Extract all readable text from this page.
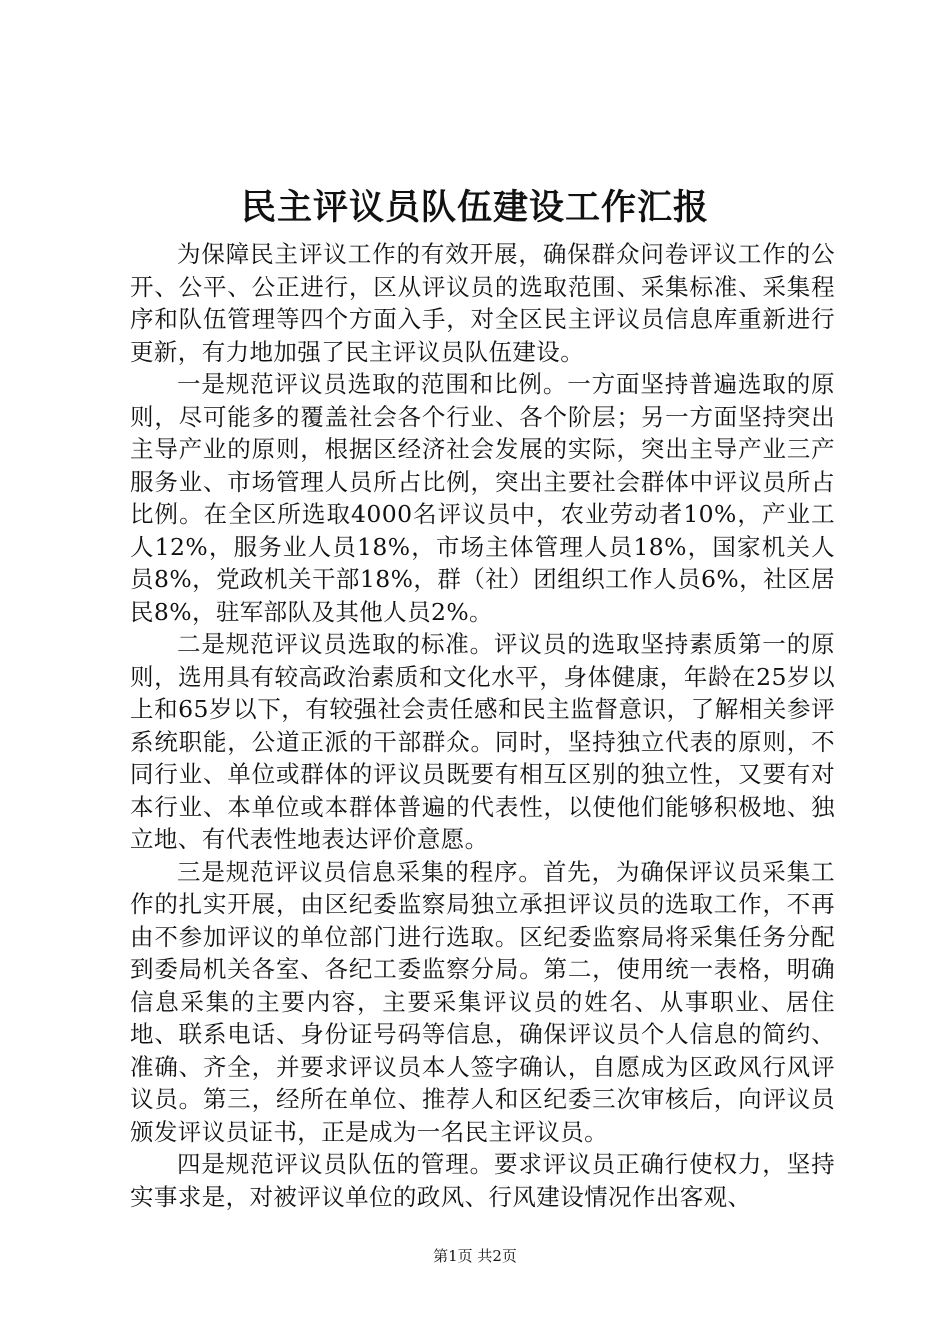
民主评议员队伍建设工作汇报

为保障民主评议工作的有效开展，确保群众问卷评议工作的公开、公平、公正进行，区从评议员的选取范围、采集标准、采集程序和队伍管理等四个方面入手，对全区民主评议员信息库重新进行更新，有力地加强了民主评议员队伍建设。

一是规范评议员选取的范围和比例。一方面坚持普遍选取的原则，尽可能多的覆盖社会各个行业、各个阶层；另一方面坚持突出主导产业的原则，根据区经济社会发展的实际，突出主导产业三产服务业、市场管理人员所占比例，突出主要社会群体中评议员所占比例。在全区所选取4000名评议员中，农业劳动者10%，产业工人12%，服务业人员18%，市场主体管理人员18%，国家机关人员8%，党政机关干部18%，群（社）团组织工作人员6%，社区居民8%，驻军部队及其他人员2%。

二是规范评议员选取的标准。评议员的选取坚持素质第一的原则，选用具有较高政治素质和文化水平，身体健康，年龄在25岁以上和65岁以下，有较强社会责任感和民主监督意识，了解相关参评系统职能，公道正派的干部群众。同时，坚持独立代表的原则，不同行业、单位或群体的评议员既要有相互区别的独立性，又要有对本行业、本单位或本群体普遍的代表性，以使他们能够积极地、独立地、有代表性地表达评价意愿。

三是规范评议员信息采集的程序。首先，为确保评议员采集工作的扎实开展，由区纪委监察局独立承担评议员的选取工作，不再由不参加评议的单位部门进行选取。区纪委监察局将采集任务分配到委局机关各室、各纪工委监察分局。第二，使用统一表格，明确信息采集的主要内容，主要采集评议员的姓名、从事职业、居住地、联系电话、身份证号码等信息，确保评议员个人信息的简约、准确、齐全，并要求评议员本人签字确认，自愿成为区政风行风评议员。第三，经所在单位、推荐人和区纪委三次审核后，向评议员颁发评议员证书，正是成为一名民主评议员。

四是规范评议员队伍的管理。要求评议员正确行使权力，坚持实事求是，对被评议单位的政风、行风建设情况作出客观、

第1页 共2页
